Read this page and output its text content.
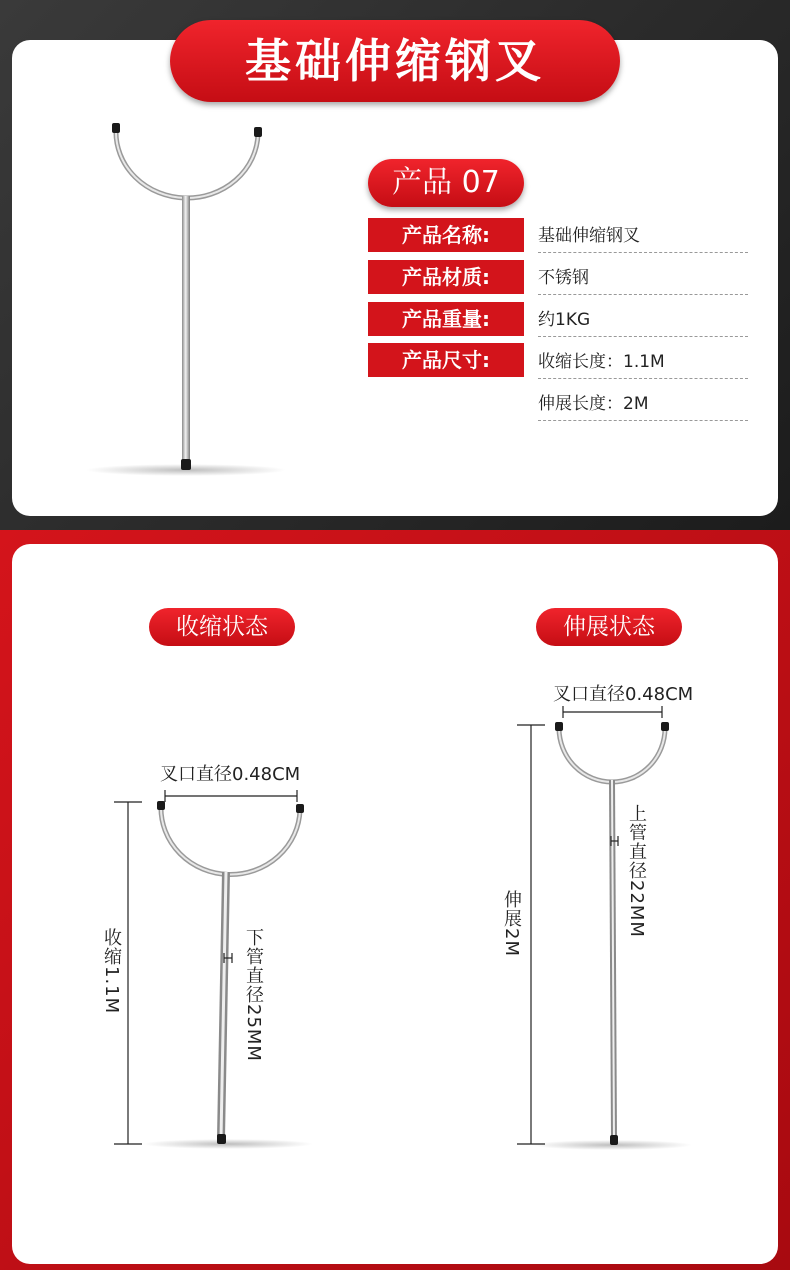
基础伸缩钢叉
产品 07
产品名称:	基础伸缩钢叉
产品材质:	不锈钢
产品重量:	约1KG
产品尺寸:	收缩长度：1.1M
伸展长度：2M
收缩状态	伸展状态
叉口直径0.48CM
收缩1.1M	下管直径25MM
叉口直径0.48CM
伸展2M	上管直径22MM
